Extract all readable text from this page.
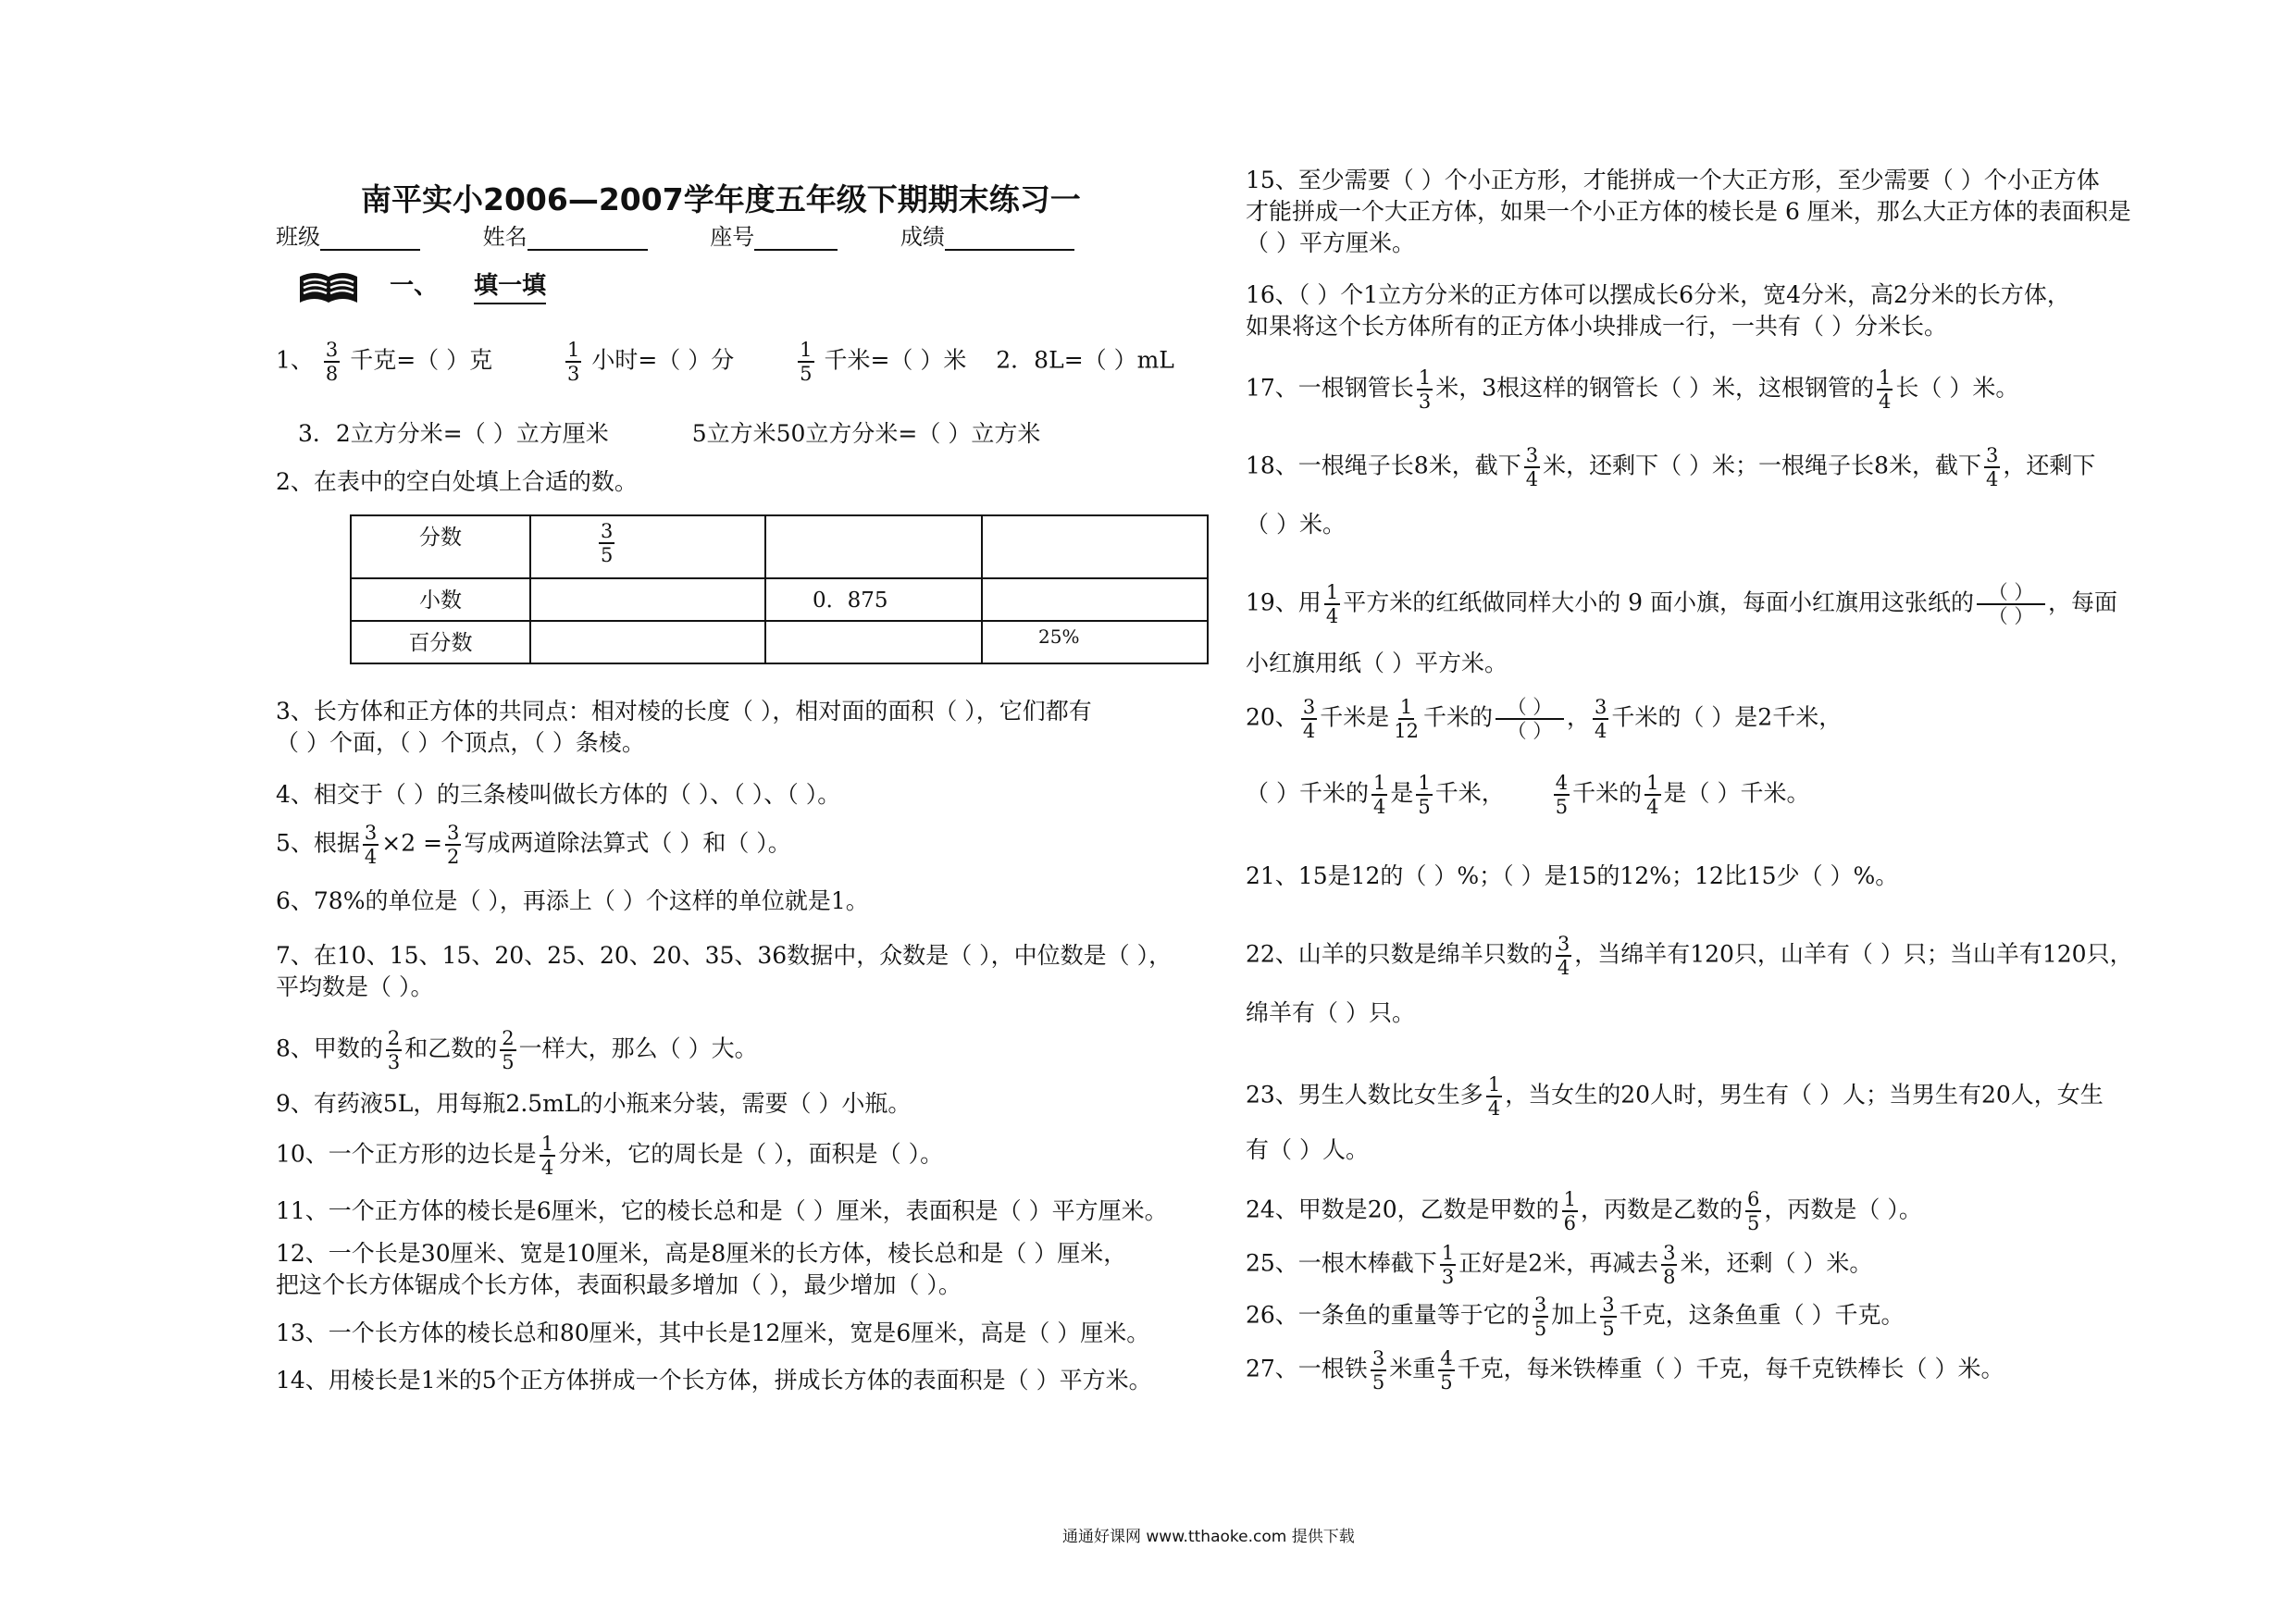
南平实小2006—2007学年度五年级下期期末练习一
班级	姓名	座号	成绩
一、 填一填
1、 $\frac{3}{8}$ 千克=（ ）克	$\frac{1}{3}$ 小时=（ ）分	$\frac{1}{5}$ 千米=（ ）米 2．8L=（ ）mL
3．2立方分米=（ ）立方厘米	5立方米50立方分米=（ ）立方米
2、在表中的空白处填上合适的数。
分数	$\frac{3}{5}$

小数		0．875	
百分数			25%
3、长方体和正方体的共同点：相对棱的长度（ ），相对面的面积（ ），它们都有
（ ）个面，（ ）个顶点，（ ）条棱。
4、相交于（ ）的三条棱叫做长方体的（ ）、（ ）、（ ）。
5、根据 $\frac{3}{4} \times 2 = \frac{3}{2}$ 写成两道除法算式（ ）和（ ）。
6、78%的单位是（ ），再添上（ ）个这样的单位就是1。
7、在10、15、15、20、25、20、20、35、36数据中，众数是（ ），中位数是（ ），
平均数是（ ）。
8、甲数的 $\frac{2}{3}$ 和乙数的 $\frac{2}{5}$ 一样大，那么（ ）大。
9、有药液5L，用每瓶2.5mL的小瓶来分装，需要（ ）小瓶。
10、一个正方形的边长是 $\frac{1}{4}$ 分米，它的周长是（ ），面积是（ ）。
11、一个正方体的棱长是6厘米，它的棱长总和是（ ）厘米，表面积是（ ）平方厘米。
12、一个长是30厘米、宽是10厘米，高是8厘米的长方体，棱长总和是（ ）厘米，
把这个长方体锯成个长方体，表面积最多增加（ ），最少增加（ ）。
13、一个长方体的棱长总和80厘米，其中长是12厘米，宽是6厘米，高是（ ）厘米。
14、用棱长是1米的5个正方体拼成一个长方体，拼成长方体的表面积是（ ）平方米。
15、至少需要（ ）个小正方形，才能拼成一个大正方形，至少需要（ ）个小正方体
才能拼成一个大正方体，如果一个小正方体的棱长是 6 厘米，那么大正方体的表面积是
（ ）平方厘米。
16、（ ）个1立方分米的正方体可以摆成长6分米，宽4分米，高2分米的长方体，
如果将这个长方体所有的正方体小块排成一行，一共有（ ）分米长。
17、一根钢管长 $\frac{1}{3}$ 米，3根这样的钢管长（ ）米，这根钢管的 $\frac{1}{4}$ 长（ ）米。
18、一根绳子长8米，截下 $\frac{3}{4}$ 米，还剩下（ ）米；一根绳子长8米，截下 $\frac{3}{4}$ ，还剩下
（ ）米。
19、用 $\frac{1}{4}$ 平方米的红纸做同样大小的 9 面小旗，每面小红旗用这张纸的 $\frac{( )}{( )}$ ，每面
小红旗用纸（ ）平方米。
20、 $\frac{3}{4}$ 千米是 $\frac{1}{12}$ 千米的 $\frac{( )}{( )}$ ， $\frac{3}{4}$ 千米的（ ）是2千米，
（ ）千米的 $\frac{1}{4}$ 是 $\frac{1}{5}$ 千米，	$\frac{4}{5}$ 千米的 $\frac{1}{4}$ 是（ ）千米。
21、15是12的（ ）%；（ ）是15的12%；12比15少（ ）%。
22、山羊的只数是绵羊只数的 $\frac{3}{4}$ ，当绵羊有120只，山羊有（ ）只；当山羊有120只，
绵羊有（ ）只。
23、男生人数比女生多 $\frac{1}{4}$ ，当女生的20人时，男生有（ ）人；当男生有20人，女生
有（ ）人。
24、甲数是20，乙数是甲数的 $\frac{1}{6}$ ，丙数是乙数的 $\frac{6}{5}$ ，丙数是（ ）。
25、一根木棒截下 $\frac{1}{3}$ 正好是2米，再减去 $\frac{3}{8}$ 米，还剩（ ）米。
26、一条鱼的重量等于它的 $\frac{3}{5}$ 加上 $\frac{3}{5}$ 千克，这条鱼重（ ）千克。
27、一根铁 $\frac{3}{5}$ 米重 $\frac{4}{5}$ 千克，每米铁棒重（ ）千克，每千克铁棒长（ ）米。
通通好课网 www.tthaoke.com 提供下载
